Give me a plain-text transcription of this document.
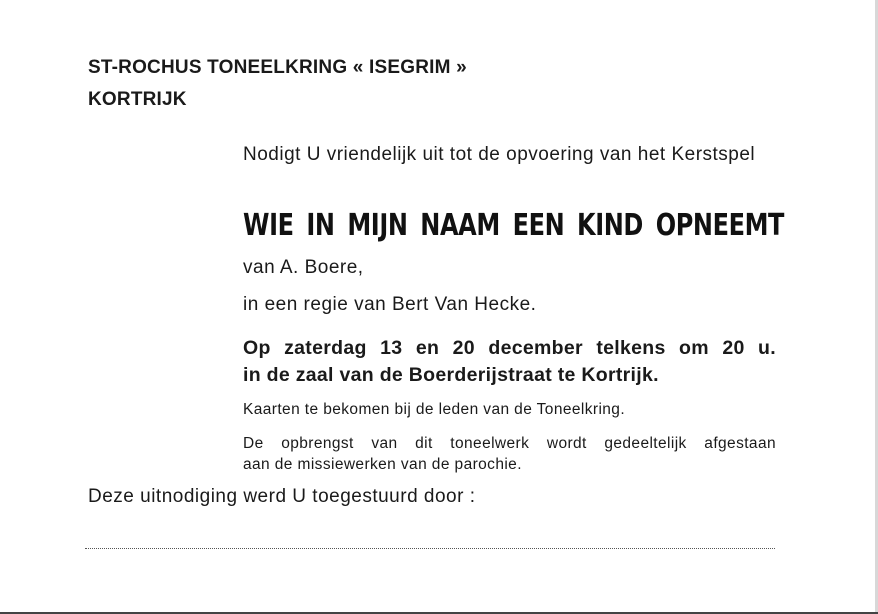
ST-ROCHUS TONEELKRING « ISEGRIM »
KORTRIJK
Nodigt U vriendelijk uit tot de opvoering van het Kerstspel
WIE IN MIJN NAAM EEN KIND OPNEEMT
van A. Boere,
in een regie van Bert Van Hecke.
Op zaterdag 13 en 20 december telkens om 20 u.
in de zaal van de Boerderijstraat te Kortrijk.
Kaarten te bekomen bij de leden van de Toneelkring.
De opbrengst van dit toneelwerk wordt gedeeltelijk afgestaan
aan de missiewerken van de parochie.
Deze uitnodiging werd U toegestuurd door :
